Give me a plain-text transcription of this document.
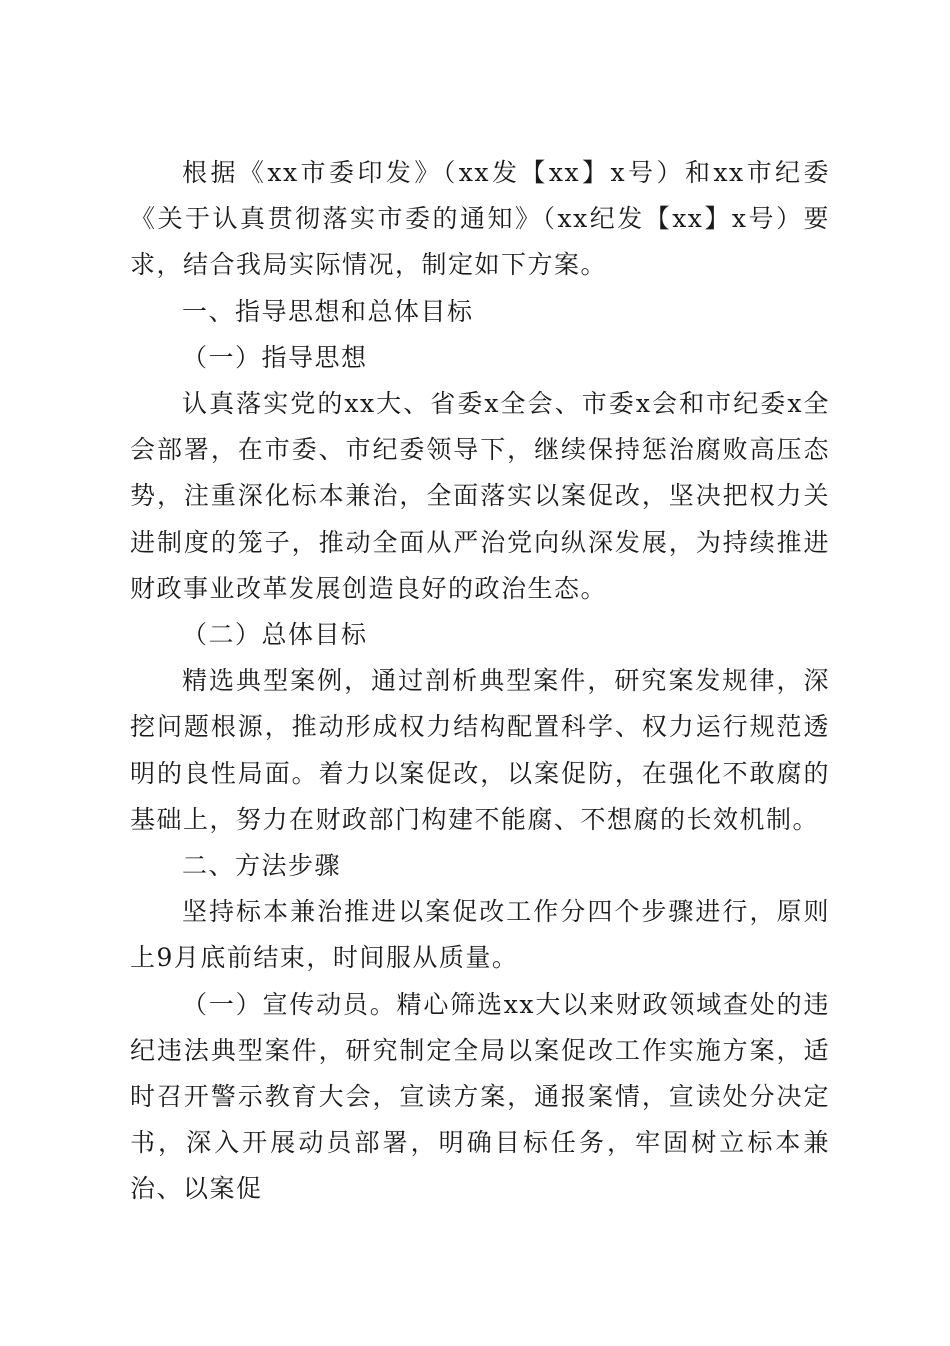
根据《xx市委印发》（xx发【xx】x号）和xx市纪委《关于认真贯彻落实市委的通知》（xx纪发【xx】x号）要求，结合我局实际情况，制定如下方案。

一、指导思想和总体目标

（一）指导思想

认真落实党的xx大、省委x全会、市委x会和市纪委x全会部署，在市委、市纪委领导下，继续保持惩治腐败高压态势，注重深化标本兼治，全面落实以案促改，坚决把权力关进制度的笼子，推动全面从严治党向纵深发展，为持续推进财政事业改革发展创造良好的政治生态。

（二）总体目标

精选典型案例，通过剖析典型案件，研究案发规律，深挖问题根源，推动形成权力结构配置科学、权力运行规范透明的良性局面。着力以案促改，以案促防，在强化不敢腐的基础上，努力在财政部门构建不能腐、不想腐的长效机制。

二、方法步骤

坚持标本兼治推进以案促改工作分四个步骤进行，原则上9月底前结束，时间服从质量。

（一）宣传动员。精心筛选xx大以来财政领域查处的违纪违法典型案件，研究制定全局以案促改工作实施方案，适时召开警示教育大会，宣读方案，通报案情，宣读处分决定书，深入开展动员部署，明确目标任务，牢固树立标本兼治、以案促
